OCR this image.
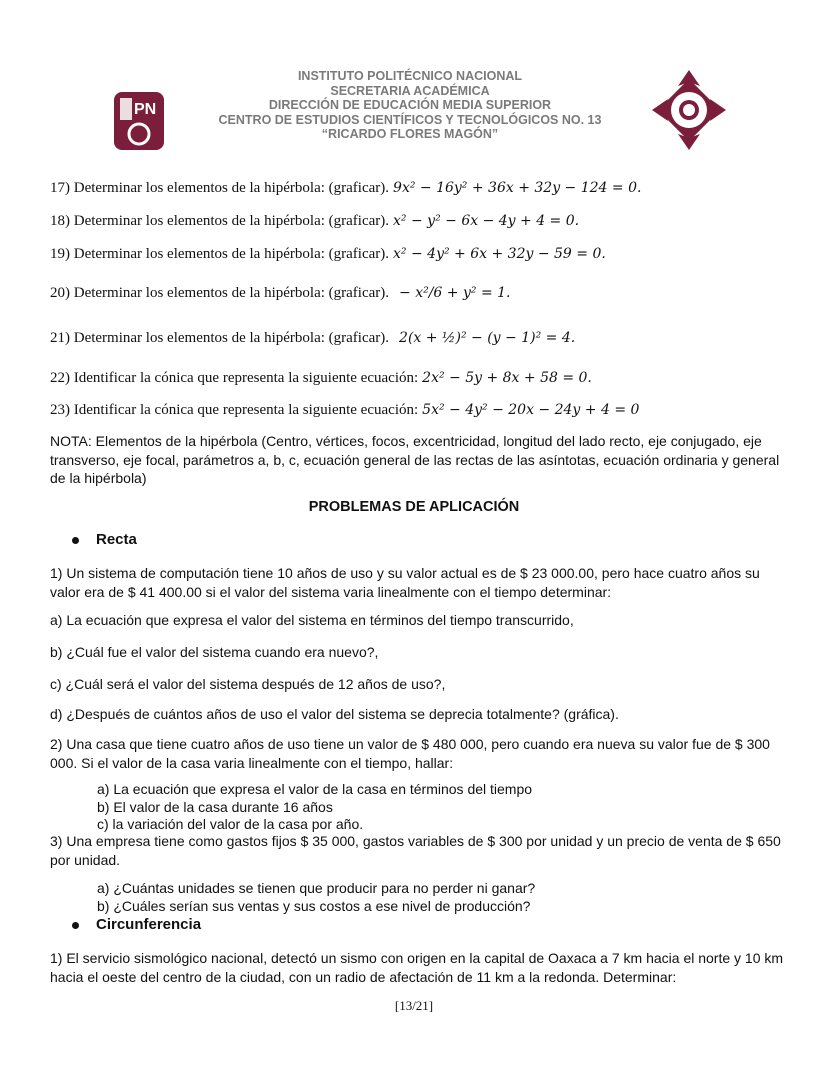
PN
INSTITUTO POLITÉCNICO NACIONAL
SECRETARIA ACADÉMICA
DIRECCIÓN DE EDUCACIÓN MEDIA SUPERIOR
CENTRO DE ESTUDIOS CIENTÍFICOS Y TECNOLÓGICOS NO. 13
“RICARDO FLORES MAGÓN”
17) Determinar los elementos de la hipérbola: (graficar). 9x² − 16y² + 36x + 32y − 124 = 0.
18) Determinar los elementos de la hipérbola: (graficar). x² − y² − 6x − 4y + 4 = 0.
19) Determinar los elementos de la hipérbola: (graficar). x² − 4y² + 6x + 32y − 59 = 0.
20) Determinar los elementos de la hipérbola: (graficar). − x²/6 + y² = 1.
21) Determinar los elementos de la hipérbola: (graficar). 2(x + ½)² − (y − 1)² = 4.
22) Identificar la cónica que representa la siguiente ecuación: 2x² − 5y + 8x + 58 = 0.
23) Identificar la cónica que representa la siguiente ecuación: 5x² − 4y² − 20x − 24y + 4 = 0
NOTA: Elementos de la hipérbola (Centro, vértices, focos, excentricidad, longitud del lado recto, eje conjugado, eje transverso, eje focal, parámetros a, b, c, ecuación general de las rectas de las asíntotas, ecuación ordinaria y general de la hipérbola)
PROBLEMAS DE APLICACIÓN
Recta
1) Un sistema de computación tiene 10 años de uso y su valor actual es de $ 23 000.00, pero hace cuatro años su valor era de $ 41 400.00 si el valor del sistema varia linealmente con el tiempo determinar:
a) La ecuación que expresa el valor del sistema en términos del tiempo transcurrido,
b) ¿Cuál fue el valor del sistema cuando era nuevo?,
c) ¿Cuál será el valor del sistema después de 12 años de uso?,
d) ¿Después de cuántos años de uso el valor del sistema se deprecia totalmente? (gráfica).
2) Una casa que tiene cuatro años de uso tiene un valor de $ 480 000, pero cuando era nueva su valor fue de $ 300 000. Si el valor de la casa varia linealmente con el tiempo, hallar:
a) La ecuación que expresa el valor de la casa en términos del tiempo
b) El valor de la casa durante 16 años
c) la variación del valor de la casa por año.
3) Una empresa tiene como gastos fijos $ 35 000, gastos variables de $ 300 por unidad y un precio de venta de $ 650 por unidad.
a) ¿Cuántas unidades se tienen que producir para no perder ni ganar?
b) ¿Cuáles serían sus ventas y sus costos a ese nivel de producción?
Circunferencia
1) El servicio sismológico nacional, detectó un sismo con origen en la capital de Oaxaca a 7 km hacia el norte y 10 km hacia el oeste del centro de la ciudad, con un radio de afectación de 11 km a la redonda. Determinar:
[13/21]
